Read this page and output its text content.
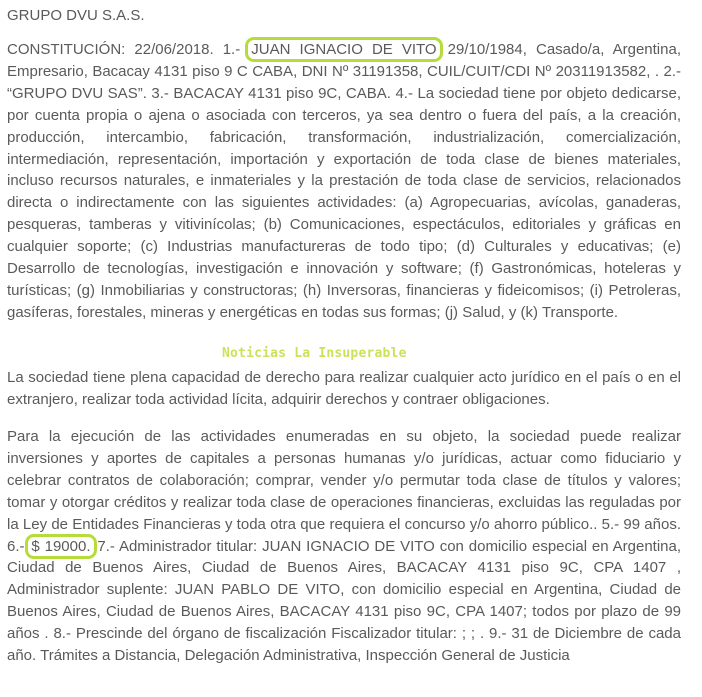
GRUPO DVU S.A.S.
CONSTITUCIÓN: 22/06/2018. 1.- JUAN IGNACIO DE VITO 29/10/1984, Casado/a, Argentina, Empresario, Bacacay 4131 piso 9 C CABA, DNI Nº 31191358, CUIL/CUIT/CDI Nº 20311913582, . 2.- “GRUPO DVU SAS”. 3.- BACACAY 4131 piso 9C, CABA. 4.- La sociedad tiene por objeto dedicarse, por cuenta propia o ajena o asociada con terceros, ya sea dentro o fuera del país, a la creación, producción, intercambio, fabricación, transformación, industrialización, comercialización, intermediación, representación, importación y exportación de toda clase de bienes materiales, incluso recursos naturales, e inmateriales y la prestación de toda clase de servicios, relacionados directa o indirectamente con las siguientes actividades: (a) Agropecuarias, avícolas, ganaderas, pesqueras, tamberas y vitivinícolas; (b) Comunicaciones, espectáculos, editoriales y gráficas en cualquier soporte; (c) Industrias manufactureras de todo tipo; (d) Culturales y educativas; (e) Desarrollo de tecnologías, investigación e innovación y software; (f) Gastronómicas, hoteleras y turísticas; (g) Inmobiliarias y constructoras; (h) Inversoras, financieras y fideicomisos; (i) Petroleras, gasíferas, forestales, mineras y energéticas en todas sus formas; (j) Salud, y (k) Transporte.
Noticias La Insuperable
La sociedad tiene plena capacidad de derecho para realizar cualquier acto jurídico en el país o en el extranjero, realizar toda actividad lícita, adquirir derechos y contraer obligaciones.
Para la ejecución de las actividades enumeradas en su objeto, la sociedad puede realizar inversiones y aportes de capitales a personas humanas y/o jurídicas, actuar como fiduciario y celebrar contratos de colaboración; comprar, vender y/o permutar toda clase de títulos y valores; tomar y otorgar créditos y realizar toda clase de operaciones financieras, excluidas las reguladas por la Ley de Entidades Financieras y toda otra que requiera el concurso y/o ahorro público.. 5.- 99 años. 6.- $ 19000. 7.- Administrador titular: JUAN IGNACIO DE VITO con domicilio especial en Argentina, Ciudad de Buenos Aires, Ciudad de Buenos Aires, BACACAY 4131 piso 9C, CPA 1407 , Administrador suplente: JUAN PABLO DE VITO, con domicilio especial en Argentina, Ciudad de Buenos Aires, Ciudad de Buenos Aires, BACACAY 4131 piso 9C, CPA 1407; todos por plazo de 99 años . 8.- Prescinde del órgano de fiscalización Fiscalizador titular: ; ; . 9.- 31 de Diciembre de cada año. Trámites a Distancia, Delegación Administrativa, Inspección General de Justicia
